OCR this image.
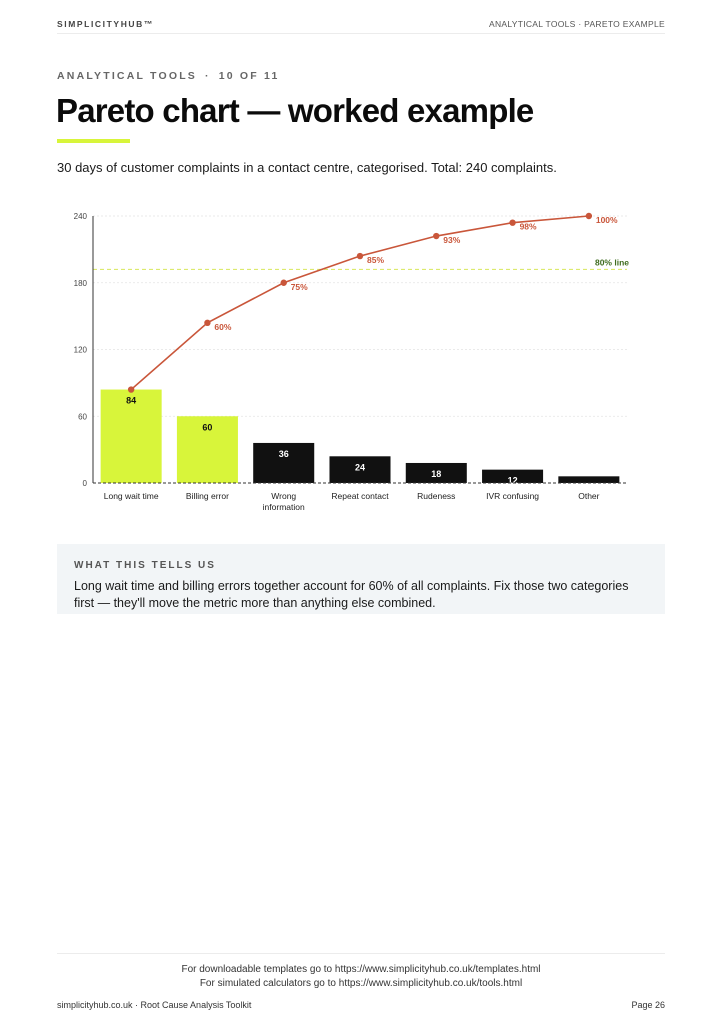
SIMPLICITYHUB™	ANALYTICAL TOOLS · PARETO EXAMPLE
ANALYTICAL TOOLS · 10 OF 11
Pareto chart — worked example
30 days of customer complaints in a contact centre, categorised. Total: 240 complaints.
0
60
120
180
240
80% line
84
60
36
24
18
12
Long wait time	Billing error	Wrong information
Repeat contact	Rudeness	IVR confusing	Other
60%
75%
85%
93%
98%
100%
WHAT THIS TELLS US
Long wait time and billing errors together account for 60% of all complaints. Fix those two categories first — they'll move the metric more than anything else combined.
For downloadable templates go to https://www.simplicityhub.co.uk/templates.html
For simulated calculators go to https://www.simplicityhub.co.uk/tools.html
simplicityhub.co.uk · Root Cause Analysis Toolkit	Page 26
